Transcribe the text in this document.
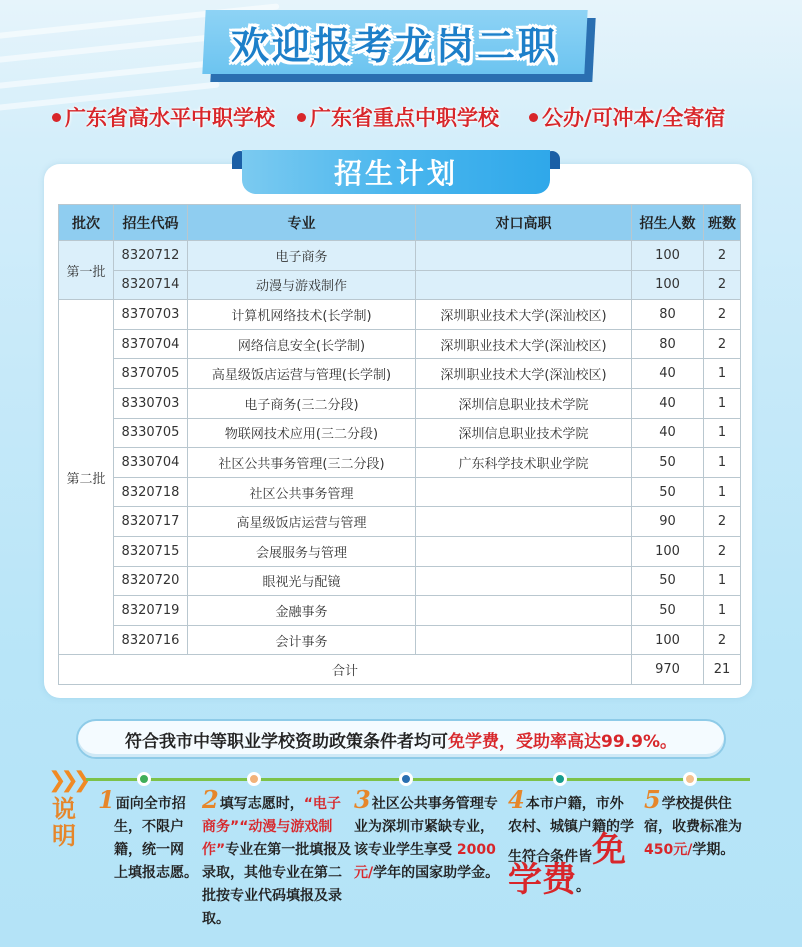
欢迎报考龙岗二职
广东省高水平中职学校 广东省重点中职学校 公办/可冲本/全寄宿
招生计划
批次	招生代码	专业	对口高职	招生人数	班数
第一批	8320712	电子商务		100	2
	8320714	动漫与游戏制作		100	2
第二批	8370703	计算机网络技术(长学制)	深圳职业技术大学(深汕校区)	80	2
	8370704	网络信息安全(长学制)	深圳职业技术大学(深汕校区)	80	2
	8370705	高星级饭店运营与管理(长学制)	深圳职业技术大学(深汕校区)	40	1
	8330703	电子商务(三二分段)	深圳信息职业技术学院	40	1
	8330705	物联网技术应用(三二分段)	深圳信息职业技术学院	40	1
	8330704	社区公共事务管理(三二分段)	广东科学技术职业学院	50	1
	8320718	社区公共事务管理		50	1
	8320717	高星级饭店运营与管理		90	2
	8320715	会展服务与管理		100	2
	8320720	眼视光与配镜		50	1
	8320719	金融事务		50	1
	8320716	会计事务		100	2
合计				970	21
符合我市中等职业学校资助政策条件者均可 免学费，受助率高达99.9%。
❯❯❯
说明

1面向全市招

生，不限户

籍，统一网

上填报志愿。

2填写志愿时，“电子商务”“动漫与游戏制作”专业在第一批填报及录取，其他专业在第二批按专业代码填报及录取。
3社区公共事务管理专业为深圳市紧缺专业，该专业学生享受 2000元/学年的国家助学金。
4本市户籍，市外农村、城镇户籍的学生符合条件皆免学费。
5学校提供住宿，收费标准为450元/学期。
